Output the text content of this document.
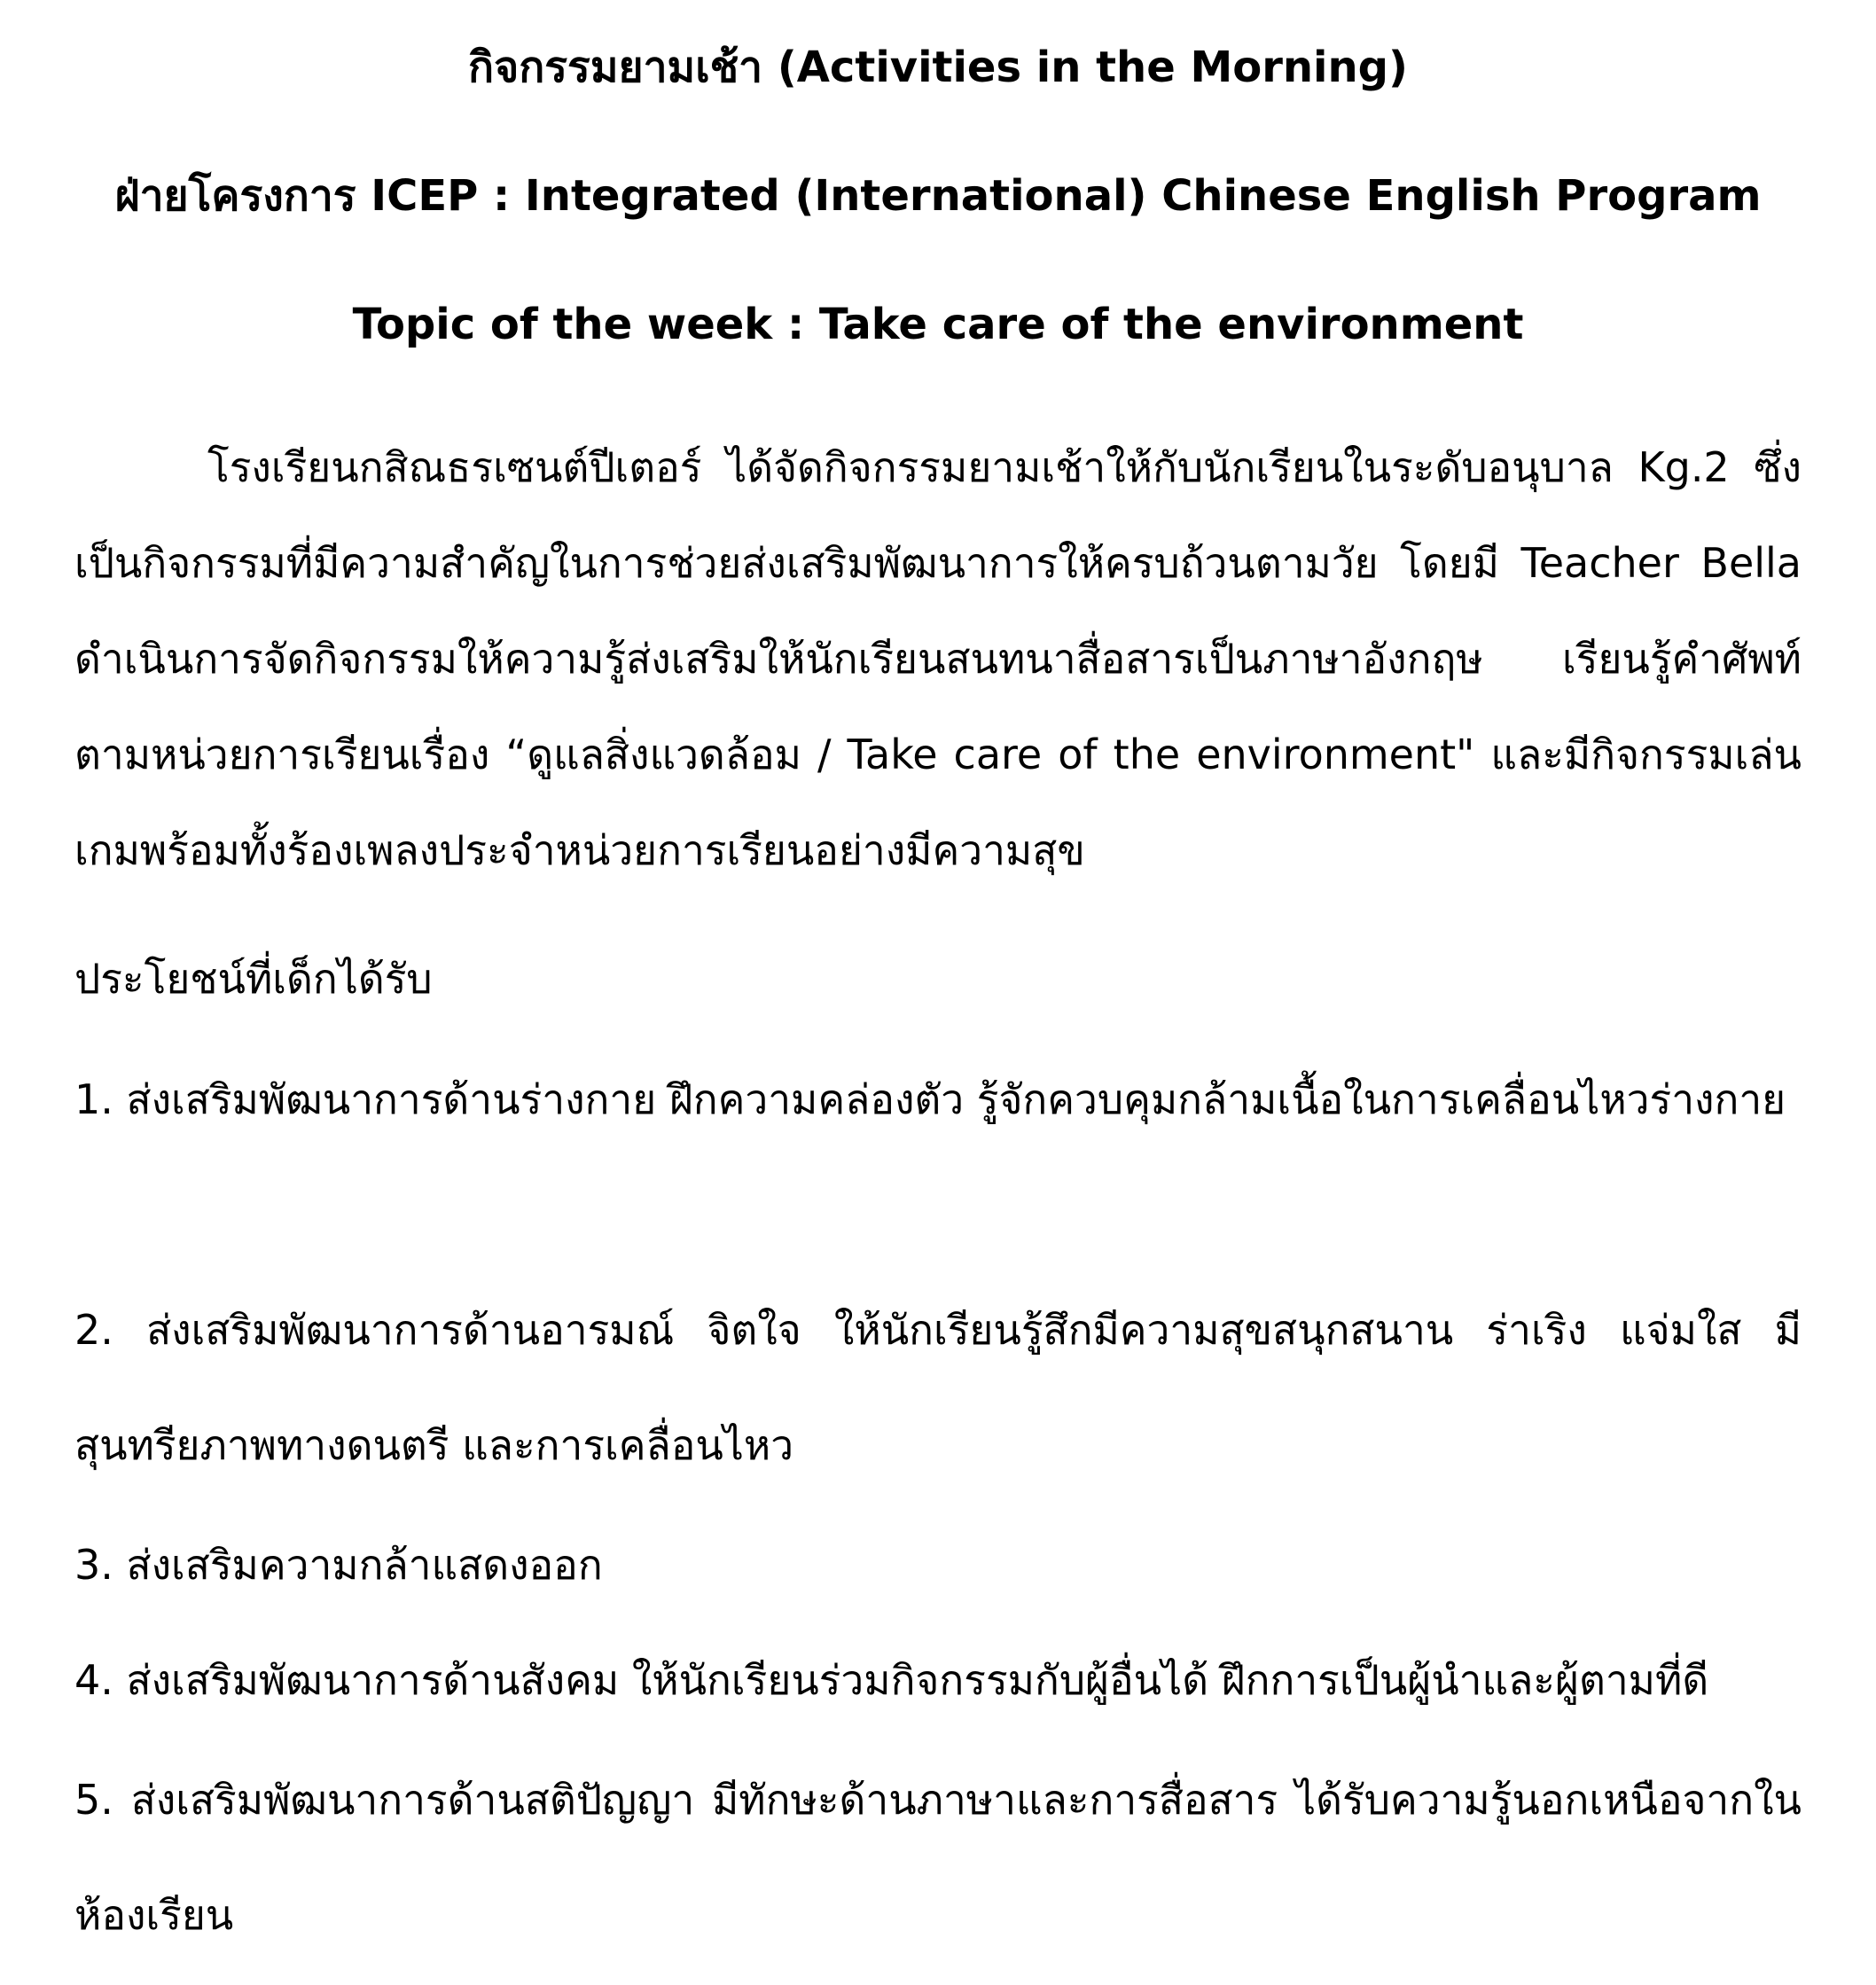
กิจกรรมยามเช้า (Activities in the Morning)
ฝ่ายโครงการ ICEP : Integrated (International) Chinese English Program
Topic of the week : Take care of the environment

โรงเรียนกสิณธรเซนต์ปีเตอร์ ได้จัดกิจกรรมยามเช้าให้กับนักเรียนในระดับอนุบาล Kg.2 ซึ่งเป็นกิจกรรมที่มีความสำคัญในการช่วยส่งเสริมพัฒนาการให้ครบถ้วนตามวัย โดยมี Teacher Bella ดำเนินการจัดกิจกรรมให้ความรู้ส่งเสริมให้นักเรียนสนทนาสื่อสารเป็นภาษาอังกฤษ เรียนรู้คำศัพท์ตามหน่วยการเรียนเรื่อง “ดูแลสิ่งแวดล้อม / Take care of the environment" และมีกิจกรรมเล่นเกมพร้อมทั้งร้องเพลงประจำหน่วยการเรียนอย่างมีความสุข

ประโยชน์ที่เด็กได้รับ

1. ส่งเสริมพัฒนาการด้านร่างกาย ฝึกความคล่องตัว รู้จักควบคุมกล้ามเนื้อในการเคลื่อนไหวร่างกาย

2. ส่งเสริมพัฒนาการด้านอารมณ์ จิตใจ ให้นักเรียนรู้สึกมีความสุขสนุกสนาน ร่าเริง แจ่มใส มีสุนทรียภาพทางดนตรี และการเคลื่อนไหว

3. ส่งเสริมความกล้าแสดงออก

4. ส่งเสริมพัฒนาการด้านสังคม ให้นักเรียนร่วมกิจกรรมกับผู้อื่นได้ ฝึกการเป็นผู้นำและผู้ตามที่ดี

5. ส่งเสริมพัฒนาการด้านสติปัญญา มีทักษะด้านภาษาและการสื่อสาร ได้รับความรู้นอกเหนือจากในห้องเรียน
